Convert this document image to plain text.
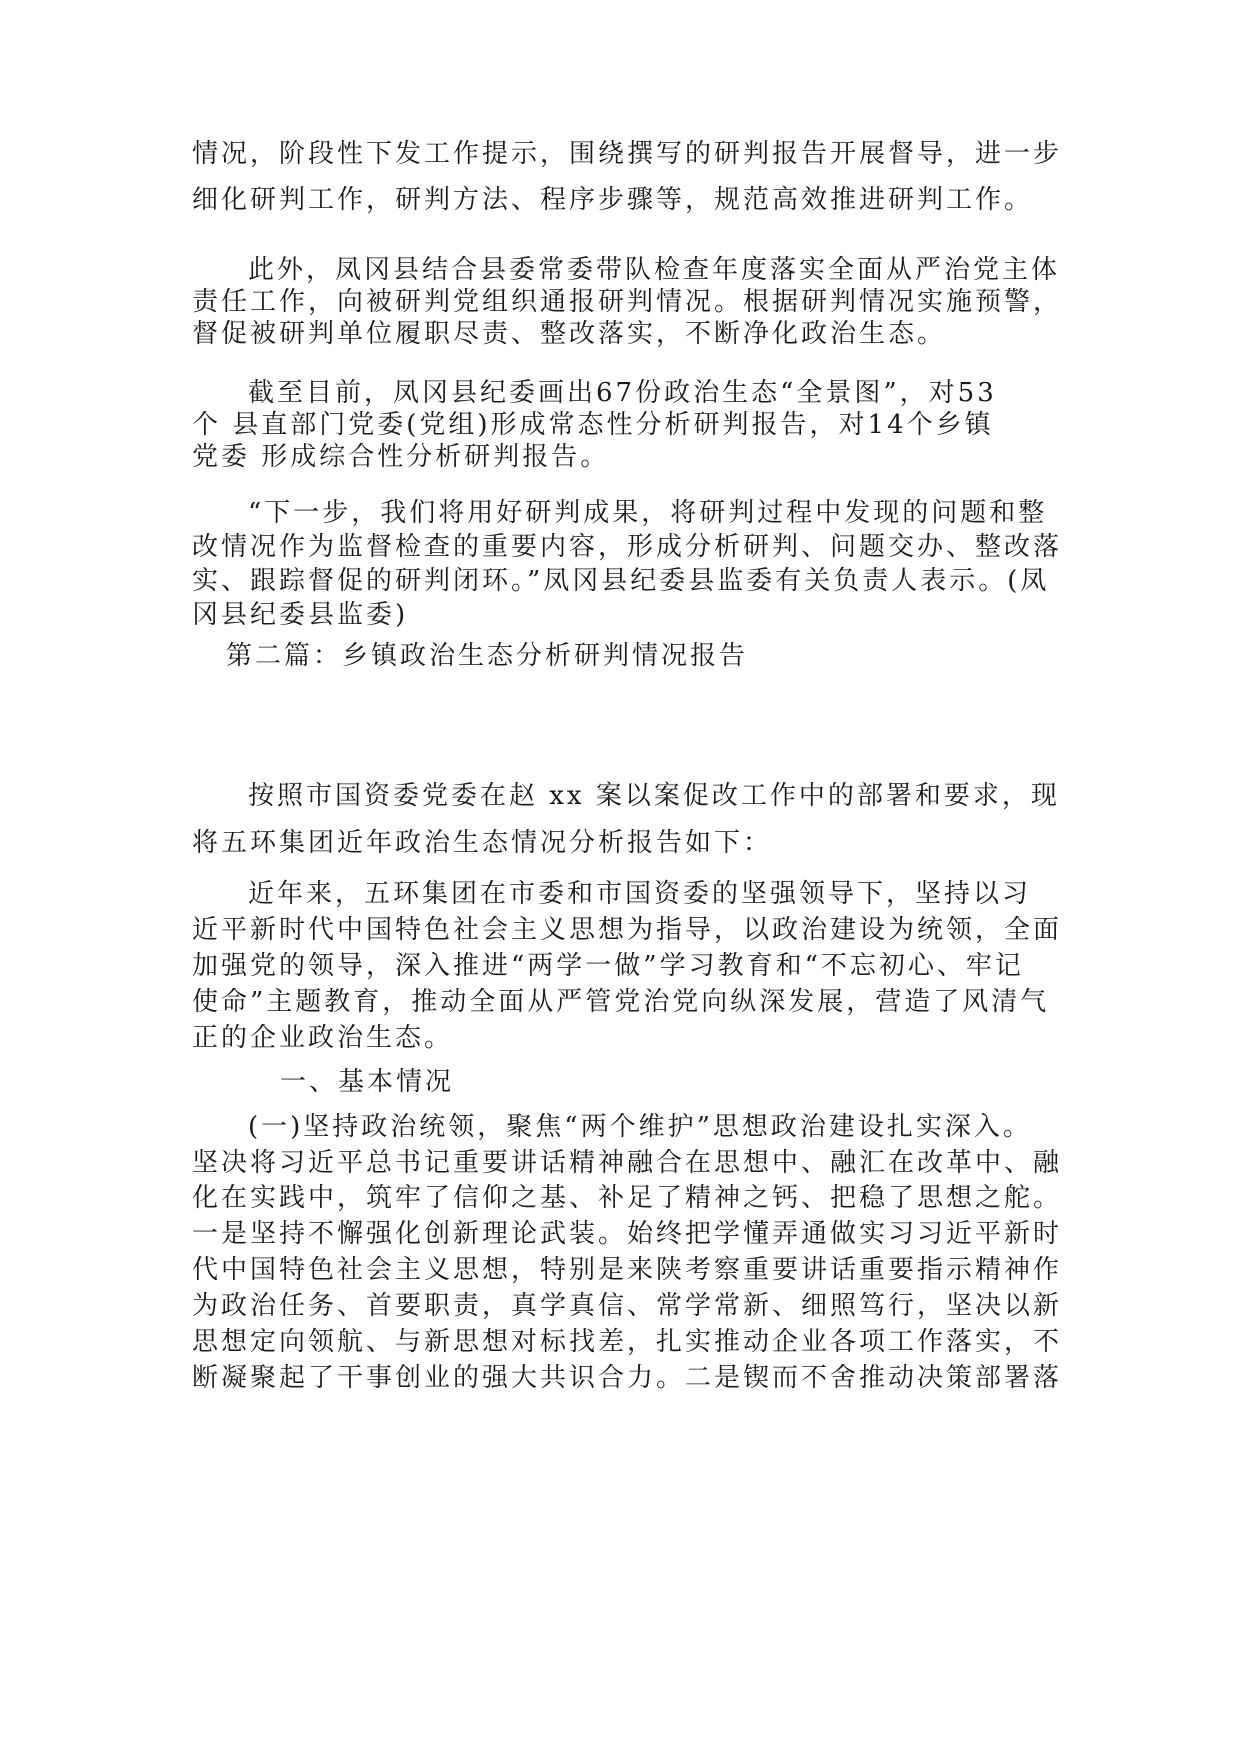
情况，阶段性下发工作提示，围绕撰写的研判报告开展督导，进一步
细化研判工作，研判方法、程序步骤等，规范高效推进研判工作。
此外，凤冈县结合县委常委带队检查年度落实全面从严治党主体
责任工作，向被研判党组织通报研判情况。根据研判情况实施预警，
督促被研判单位履职尽责、整改落实，不断净化政治生态。
截至目前，凤冈县纪委画出67份政治生态“全景图”，对53
个 县直部门党委(党组)形成常态性分析研判报告，对14个乡镇
党委 形成综合性分析研判报告。
“下一步，我们将用好研判成果，将研判过程中发现的问题和整
改情况作为监督检查的重要内容，形成分析研判、问题交办、整改落
实、跟踪督促的研判闭环。”凤冈县纪委县监委有关负责人表示。(凤
冈县纪委县监委)
第二篇：乡镇政治生态分析研判情况报告
按照市国资委党委在赵 xx 案以案促改工作中的部署和要求，现
将五环集团近年政治生态情况分析报告如下：
近年来，五环集团在市委和市国资委的坚强领导下，坚持以习
近平新时代中国特色社会主义思想为指导，以政治建设为统领，全面
加强党的领导，深入推进“两学一做”学习教育和“不忘初心、牢记
使命”主题教育，推动全面从严管党治党向纵深发展，营造了风清气
正的企业政治生态。
一、基本情况
(一)坚持政治统领，聚焦“两个维护”思想政治建设扎实深入。
坚决将习近平总书记重要讲话精神融合在思想中、融汇在改革中、融
化在实践中，筑牢了信仰之基、补足了精神之钙、把稳了思想之舵。
一是坚持不懈强化创新理论武装。始终把学懂弄通做实习习近平新时
代中国特色社会主义思想，特别是来陕考察重要讲话重要指示精神作
为政治任务、首要职责，真学真信、常学常新、细照笃行，坚决以新
思想定向领航、与新思想对标找差，扎实推动企业各项工作落实，不
断凝聚起了干事创业的强大共识合力。二是锲而不舍推动决策部署落
